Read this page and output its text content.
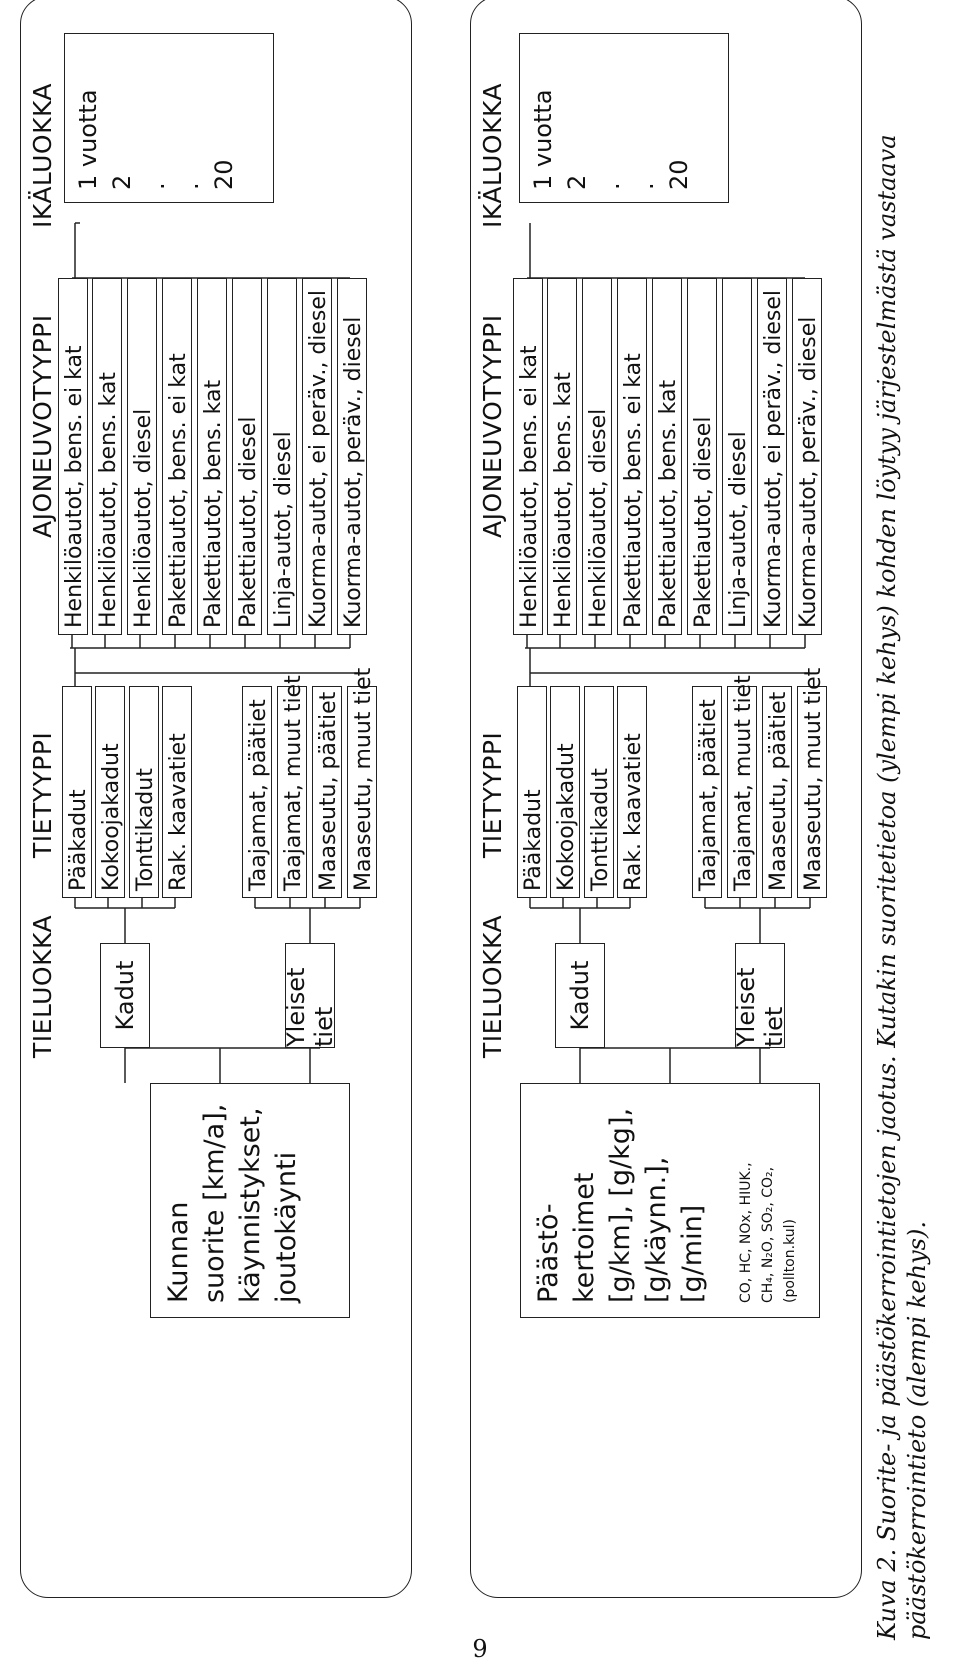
TIELUOKKA
TIETYYPPI
AJONEUVOTYYPPI
IKÄLUOKKA
Kunnan
suorite [km/a],
käynnistykset,
joutokäynti
Kadut	Yleiset tiet
Pääkadut Kokoojakadut Tonttikadut Rak. kaavatiet	Taajamat, päätiet Taajamat, muut tiet Maaseutu, päätiet Maaseutu, muut tiet
Henkilöautot, bens. ei kat Henkilöautot, bens. kat Henkilöautot, diesel Pakettiautot, bens. ei kat Pakettiautot, bens. kat Pakettiautot, diesel Linja-autot, diesel Kuorma-autot, ei peräv., diesel Kuorma-autot, peräv., diesel
1 vuotta 2 . . 20
TIELUOKKA
TIETYYPPI
AJONEUVOTYYPPI
IKÄLUOKKA
Päästö-
kertoimet
[g/km], [g/kg],
[g/käynn.],
[g/min] CO, HC, NOx, HIUK.,
CH₄, N₂O, SO₂, CO₂,
(pollton.kul)
Kadut	Yleiset tiet
Pääkadut Kokoojakadut Tonttikadut Rak. kaavatiet Taajamat, päätiet Taajamat, muut tiet Maaseutu, päätiet Maaseutu, muut tiet
Henkilöautot, bens. ei kat Henkilöautot, bens. kat Henkilöautot, diesel Pakettiautot, bens. ei kat Pakettiautot, bens. kat Pakettiautot, diesel Linja-autot, diesel Kuorma-autot, ei peräv., diesel Kuorma-autot, peräv., diesel
1 vuotta 2 . . 20	Kuva 2. Suorite- ja päästökerrointietojen jaotus. Kutakin suoritetietoa (ylempi kehys) kohden löytyy järjestelmästä vastaava päästökerrointieto (alempi kehys).
9
